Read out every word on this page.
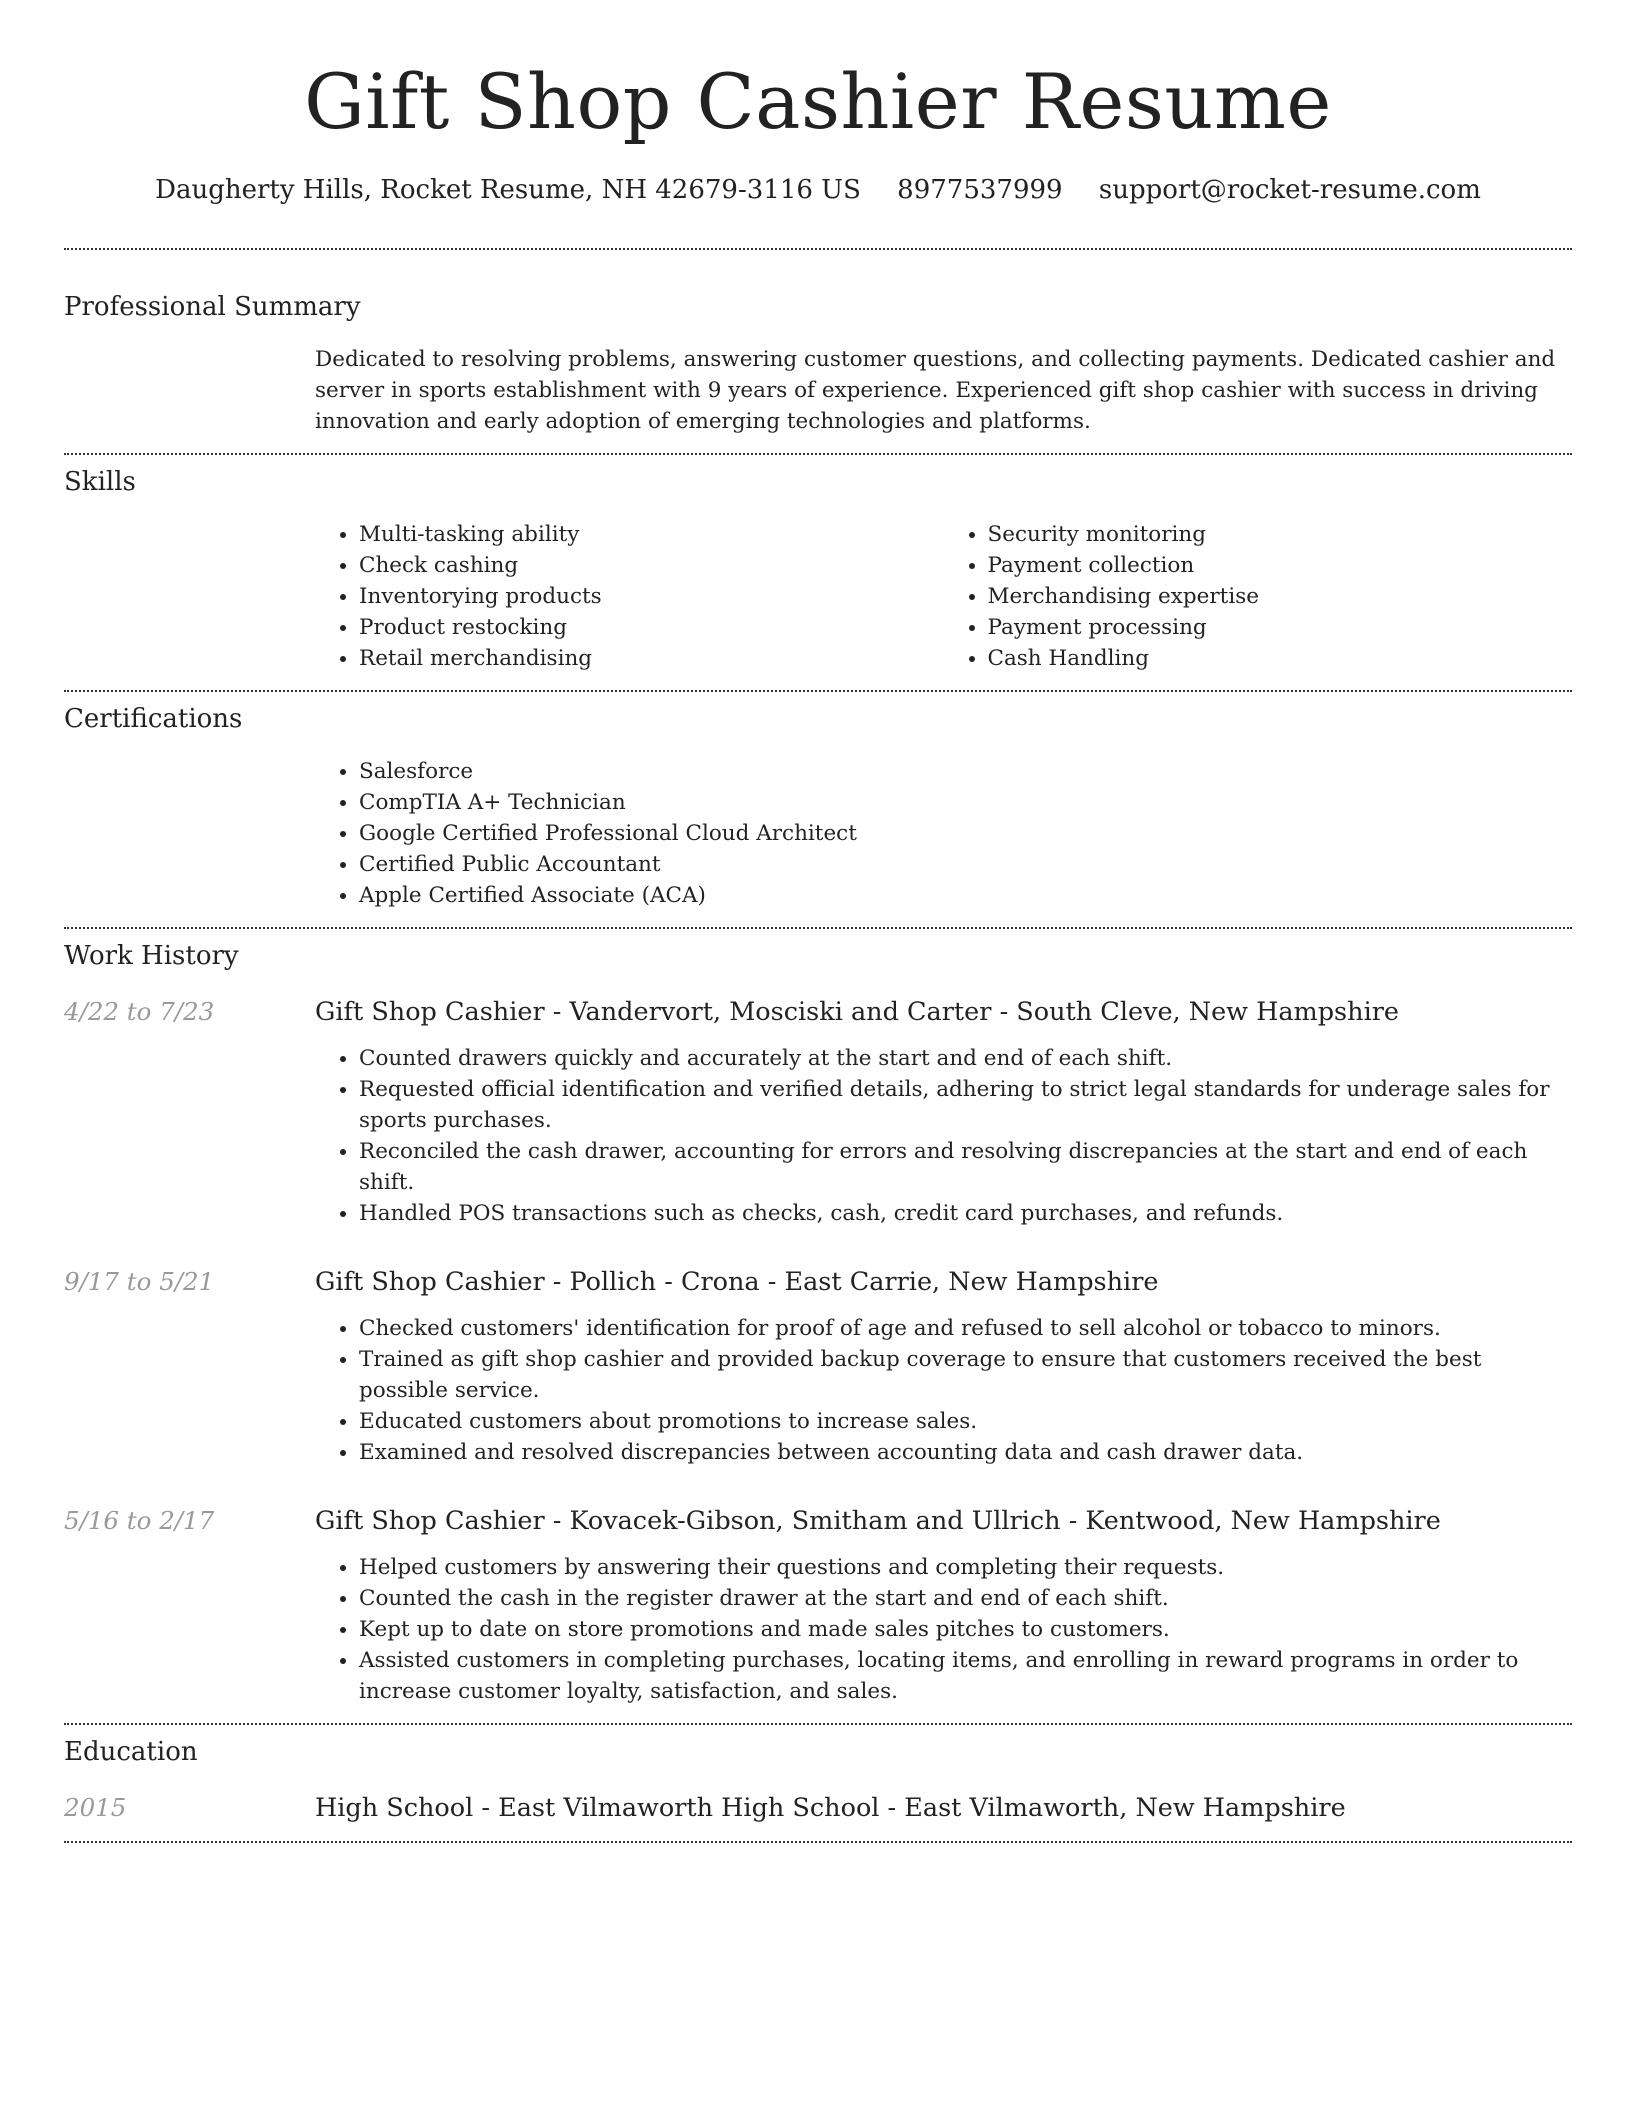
Gift Shop Cashier Resume
Daugherty Hills, Rocket Resume, NH 42679-3116 US 8977537999 support@rocket-resume.com
Professional Summary
Dedicated to resolving problems, answering customer questions, and collecting payments. Dedicated cashier and server in sports establishment with 9 years of experience. Experienced gift shop cashier with success in driving innovation and early adoption of emerging technologies and platforms.
Skills
• Multi-tasking ability
• Check cashing
• Inventorying products
• Product restocking
• Retail merchandising
• Security monitoring
• Payment collection
• Merchandising expertise
• Payment processing
• Cash Handling
Certifications
• Salesforce
• CompTIA A+ Technician
• Google Certified Professional Cloud Architect
• Certified Public Accountant
• Apple Certified Associate (ACA)
Work History
4/22 to 7/23	Gift Shop Cashier - Vandervort, Mosciski and Carter - South Cleve, New Hampshire
• Counted drawers quickly and accurately at the start and end of each shift.
• Requested official identification and verified details, adhering to strict legal standards for underage sales for sports purchases.
• Reconciled the cash drawer, accounting for errors and resolving discrepancies at the start and end of each shift.
• Handled POS transactions such as checks, cash, credit card purchases, and refunds.
9/17 to 5/21	Gift Shop Cashier - Pollich - Crona - East Carrie, New Hampshire
• Checked customers' identification for proof of age and refused to sell alcohol or tobacco to minors.
• Trained as gift shop cashier and provided backup coverage to ensure that customers received the best possible service.
• Educated customers about promotions to increase sales.
• Examined and resolved discrepancies between accounting data and cash drawer data.
5/16 to 2/17	Gift Shop Cashier - Kovacek-Gibson, Smitham and Ullrich - Kentwood, New Hampshire
• Helped customers by answering their questions and completing their requests.
• Counted the cash in the register drawer at the start and end of each shift.
• Kept up to date on store promotions and made sales pitches to customers.
• Assisted customers in completing purchases, locating items, and enrolling in reward programs in order to increase customer loyalty, satisfaction, and sales.
Education
2015	High School - East Vilmaworth High School - East Vilmaworth, New Hampshire
